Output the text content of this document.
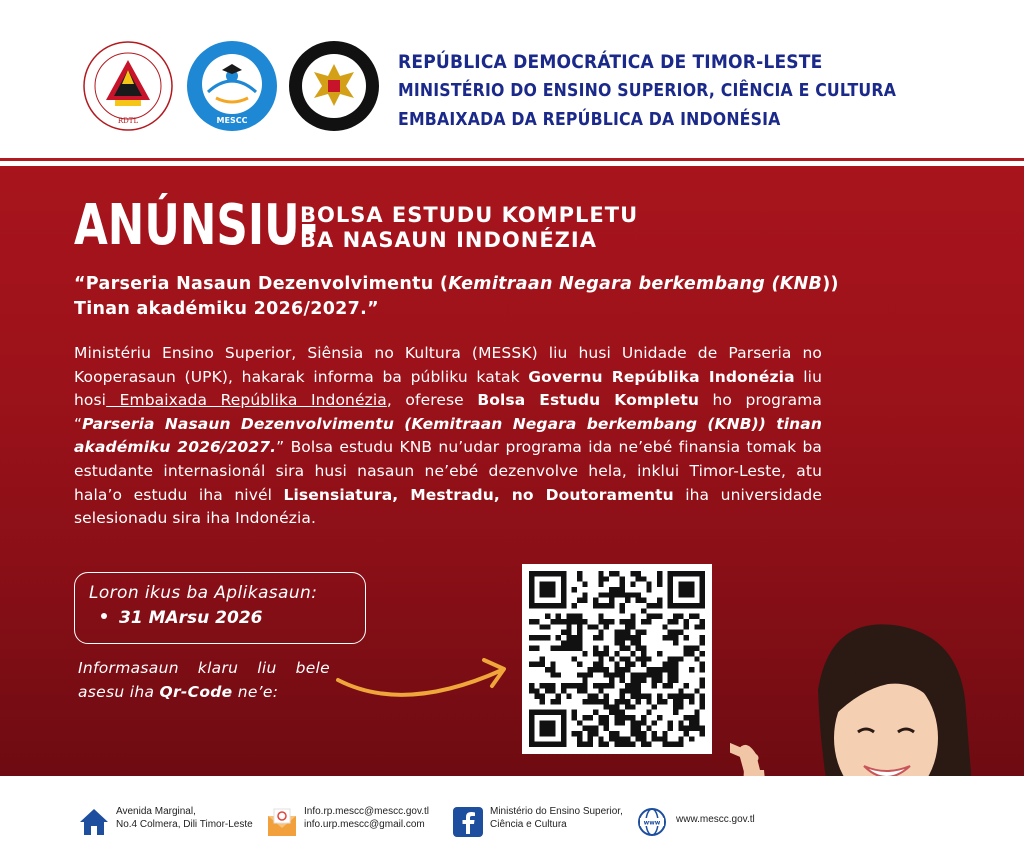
RDTL	MESCC
REPÚBLICA DEMOCRÁTICA DE TIMOR-LESTE
MINISTÉRIO DO ENSINO SUPERIOR, CIÊNCIA E CULTURA
EMBAIXADA DA REPÚBLICA DA INDONÉSIA
ANÚNSIU-
BOLSA ESTUDU KOMPLETU
BA NASAUN INDONÉZIA
“Parseria Nasaun Dezenvolvimentu (Kemitraan Negara berkembang (KNB))
Tinan akadémiku 2026/2027.”
Ministériu Ensino Superior, Siênsia no Kultura (MESSK) liu husi Unidade de Parseria no Kooperasaun (UPK), hakarak informa ba públiku katak Governu Repúblika Indonézia liu hosi Embaixada Repúblika Indonézia, oferese Bolsa Estudu Kompletu ho programa “Parseria Nasaun Dezenvolvimentu (Kemitraan Negara berkembang (KNB)) tinan akadémiku 2026/2027.” Bolsa estudu KNB nu’udar programa ida ne’ebé finansia tomak ba estudante internasionál sira husi nasaun ne’ebé dezenvolve hela, inklui Timor-Leste, atu hala’o estudu iha nivél Lisensiatura, Mestradu, no Doutoramentu iha universidade selesionadu sira iha Indonézia.
Loron ikus ba Aplikasaun:
31 MArsu 2026
Informasaun klaru liu bele asesu iha Qr-Code ne’e:
Avenida Marginal,
No.4 Colmera, Dili Timor-Leste
Info.rp.mescc@mescc.gov.tl
info.urp.mescc@gmail.com
Ministério do Ensino Superior,
Ciência e Cultura	www www.mescc.gov.tl
